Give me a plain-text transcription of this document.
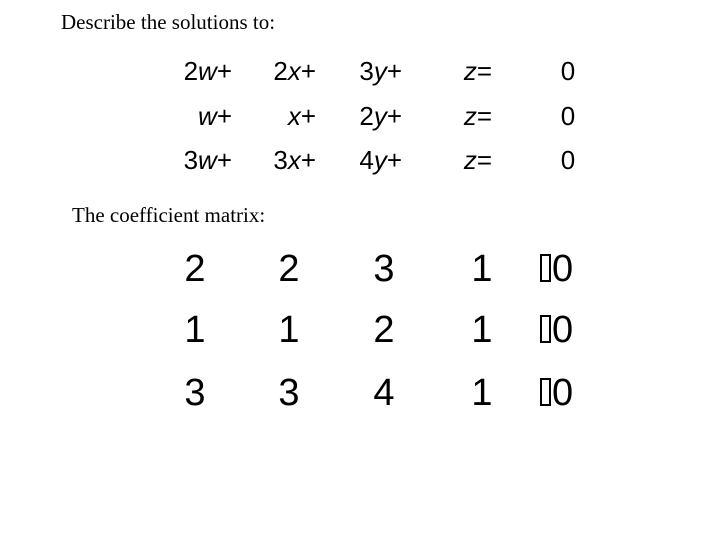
Describe the solutions to:
2w+	2x+	3y+	z=	0
w+	x+	2y+	z=	0
3w+	3x+	4y+	z=	0
The coefficient matrix:
2	2	3	1	0
1	1	2	1	0
3	3	4	1	0
